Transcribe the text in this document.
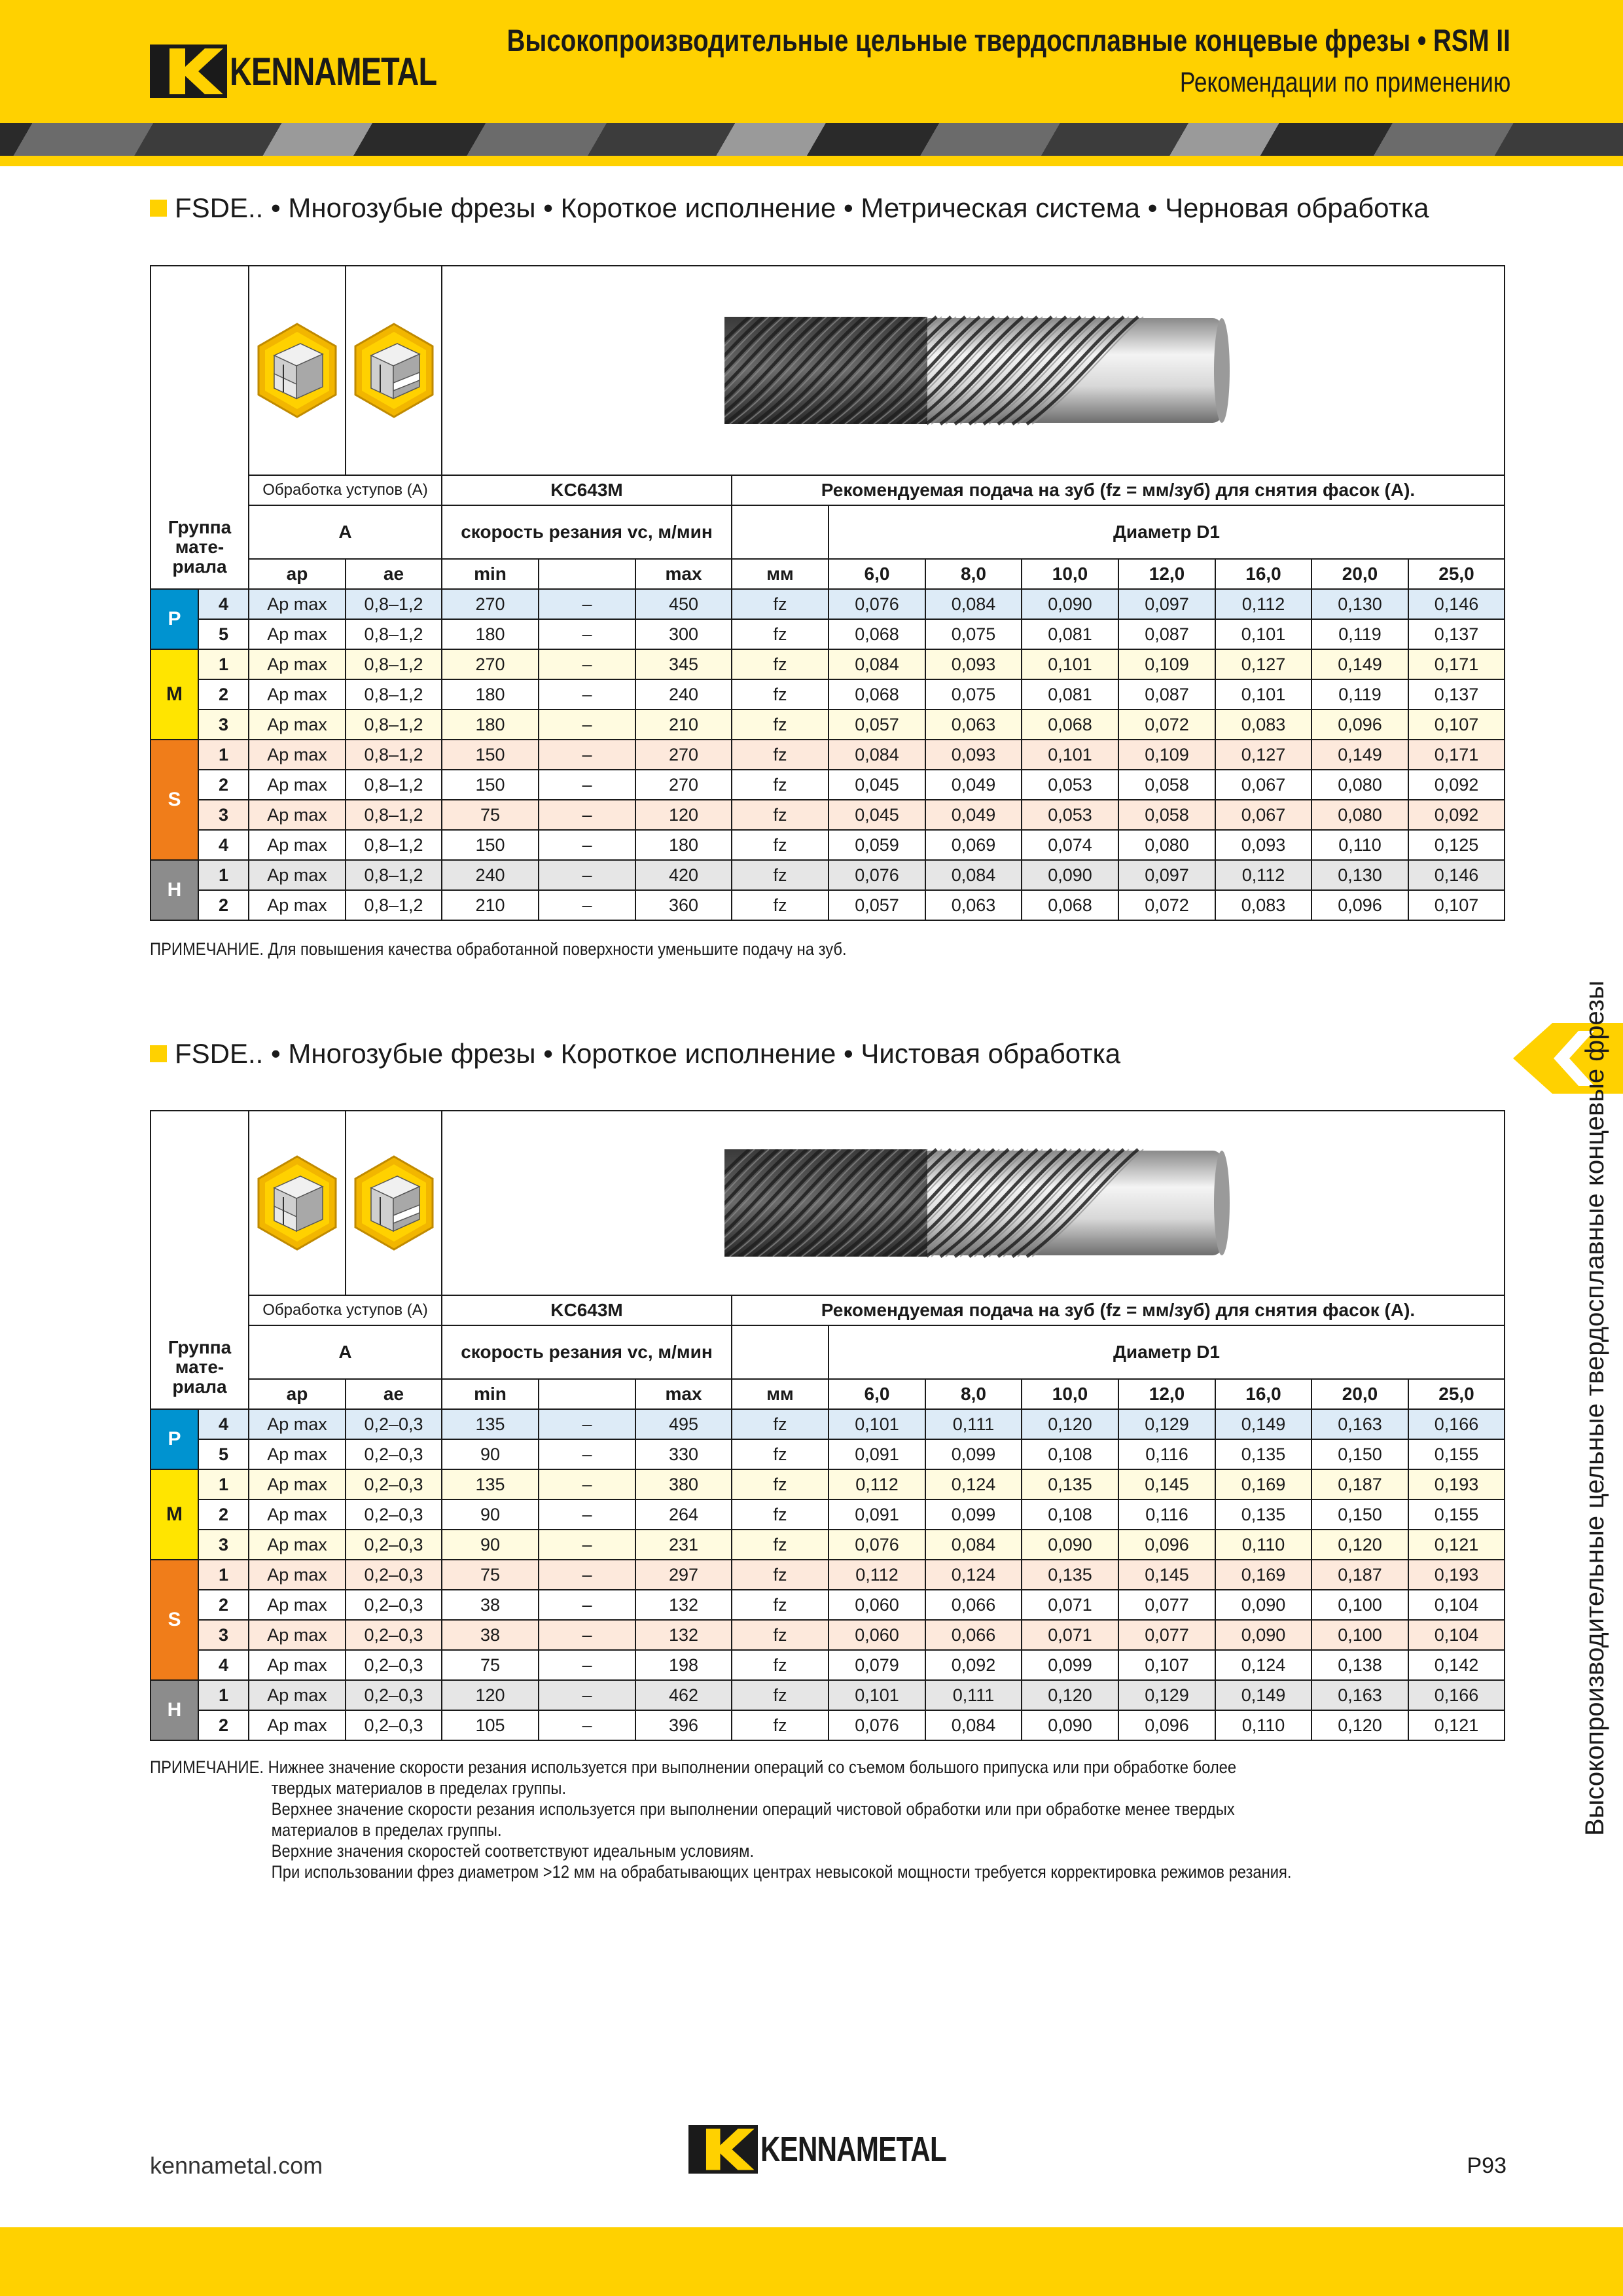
KENNAMETAL
Высокопроизводительные цельные твердосплавные концевые фрезы • RSM II
Рекомендации по применению
FSDE.. • Многозубые фрезы • Короткое исполнение • Метрическая система • Черновая обработка

		Обработка уступов (A)		KC643M			Рекомендуемая подача на зуб (fz = мм/зуб) для снятия фасок (A).							
Группа мате-риала		A		скорость резания vc, м/мин				Диаметр D1						
		ap	ae	min		max	мм	6,0	8,0	10,0	12,0	16,0	20,0	25,0
P	4	Ap max	0,8–1,2	270	–	450	fz	0,076	0,084	0,090	0,097	0,112	0,130	0,146
	5	Ap max	0,8–1,2	180	–	300	fz	0,068	0,075	0,081	0,087	0,101	0,119	0,137
M	1	Ap max	0,8–1,2	270	–	345	fz	0,084	0,093	0,101	0,109	0,127	0,149	0,171
	2	Ap max	0,8–1,2	180	–	240	fz	0,068	0,075	0,081	0,087	0,101	0,119	0,137
	3	Ap max	0,8–1,2	180	–	210	fz	0,057	0,063	0,068	0,072	0,083	0,096	0,107
S	1	Ap max	0,8–1,2	150	–	270	fz	0,084	0,093	0,101	0,109	0,127	0,149	0,171
	2	Ap max	0,8–1,2	150	–	270	fz	0,045	0,049	0,053	0,058	0,067	0,080	0,092
	3	Ap max	0,8–1,2	75	–	120	fz	0,045	0,049	0,053	0,058	0,067	0,080	0,092
	4	Ap max	0,8–1,2	150	–	180	fz	0,059	0,069	0,074	0,080	0,093	0,110	0,125
H	1	Ap max	0,8–1,2	240	–	420	fz	0,076	0,084	0,090	0,097	0,112	0,130	0,146
	2	Ap max	0,8–1,2	210	–	360	fz	0,057	0,063	0,068	0,072	0,083	0,096	0,107
ПРИМЕЧАНИЕ. Для повышения качества обработанной поверхности уменьшите подачу на зуб.
FSDE.. • Многозубые фрезы • Короткое исполнение • Чистовая обработка

		Обработка уступов (A)		KC643M			Рекомендуемая подача на зуб (fz = мм/зуб) для снятия фасок (A).							
Группа мате-риала		A		скорость резания vc, м/мин				Диаметр D1						
		ap	ae	min		max	мм	6,0	8,0	10,0	12,0	16,0	20,0	25,0
P	4	Ap max	0,2–0,3	135	–	495	fz	0,101	0,111	0,120	0,129	0,149	0,163	0,166
	5	Ap max	0,2–0,3	90	–	330	fz	0,091	0,099	0,108	0,116	0,135	0,150	0,155
M	1	Ap max	0,2–0,3	135	–	380	fz	0,112	0,124	0,135	0,145	0,169	0,187	0,193
	2	Ap max	0,2–0,3	90	–	264	fz	0,091	0,099	0,108	0,116	0,135	0,150	0,155
	3	Ap max	0,2–0,3	90	–	231	fz	0,076	0,084	0,090	0,096	0,110	0,120	0,121
S	1	Ap max	0,2–0,3	75	–	297	fz	0,112	0,124	0,135	0,145	0,169	0,187	0,193
	2	Ap max	0,2–0,3	38	–	132	fz	0,060	0,066	0,071	0,077	0,090	0,100	0,104
	3	Ap max	0,2–0,3	38	–	132	fz	0,060	0,066	0,071	0,077	0,090	0,100	0,104
	4	Ap max	0,2–0,3	75	–	198	fz	0,079	0,092	0,099	0,107	0,124	0,138	0,142
H	1	Ap max	0,2–0,3	120	–	462	fz	0,101	0,111	0,120	0,129	0,149	0,163	0,166
	2	Ap max	0,2–0,3	105	–	396	fz	0,076	0,084	0,090	0,096	0,110	0,120	0,121
ПРИМЕЧАНИЕ. Нижнее значение скорости резания используется при выполнении операций со съемом большого припуска или при обработке более
твердых материалов в пределах группы.
Верхнее значение скорости резания используется при выполнении операций чистовой обработки или при обработке менее твердых
материалов в пределах группы.
Верхние значения скоростей соответствуют идеальным условиям.
При использовании фрез диаметром >12 мм на обрабатывающих центрах невысокой мощности требуется корректировка режимов резания.
Высокопроизводительные цельные твердосплавные концевые фрезы
kennametal.com	KENNAMETAL	P93
